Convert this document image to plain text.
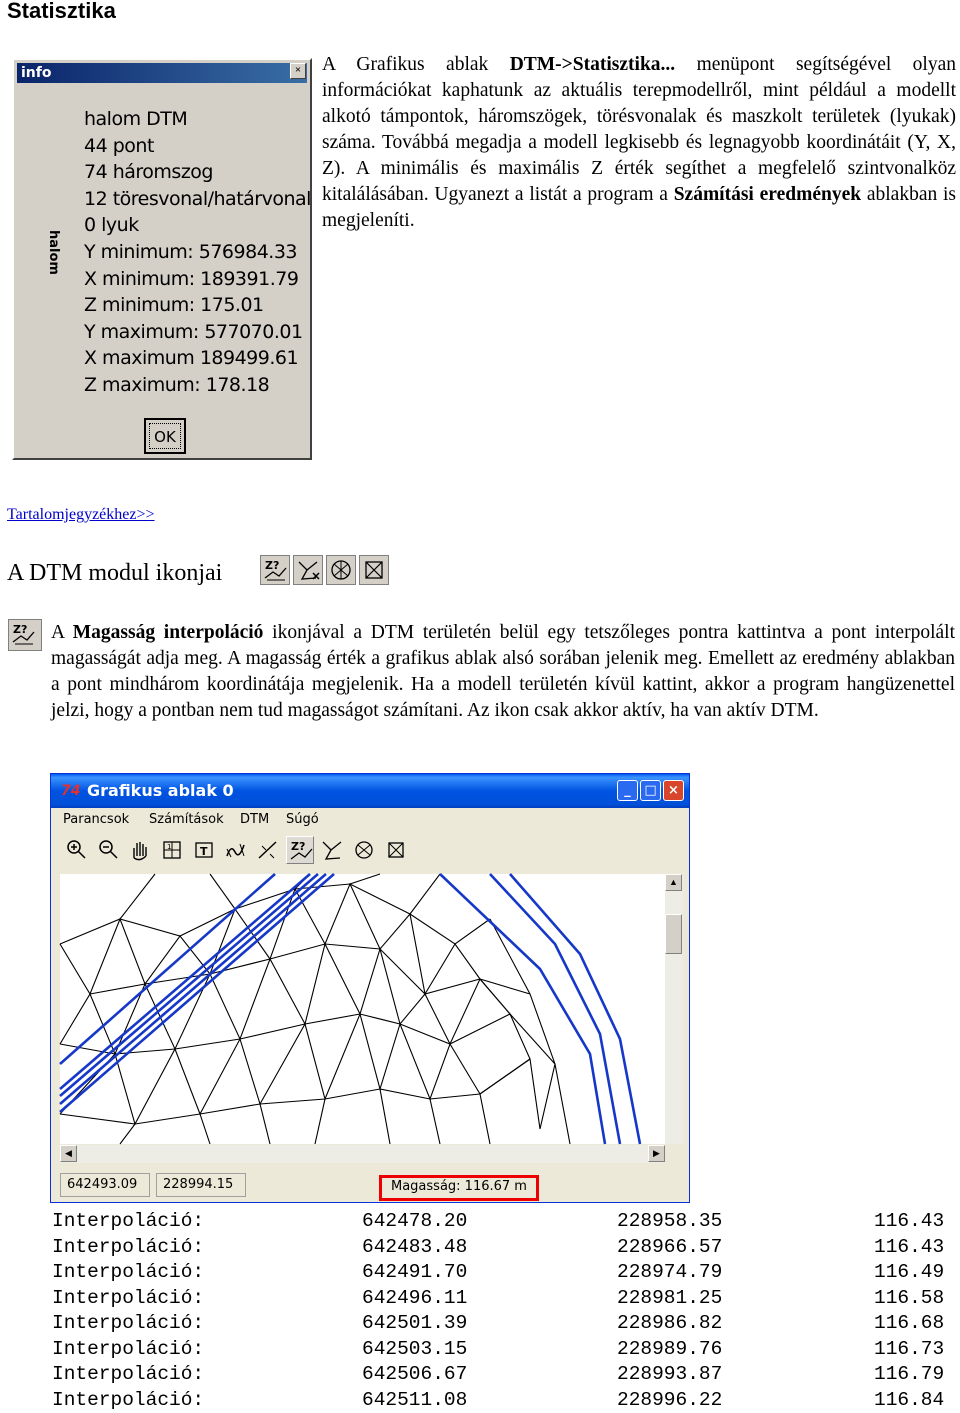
Statisztika
info	×
halom
halom DTM
44 pont
74 háromszog
12 töresvonal/határvonal
0 lyuk
Y minimum: 576984.33
X minimum: 189391.79
Z minimum: 175.01
Y maximum: 577070.01
X maximum 189499.61
Z maximum: 178.18
OK
A Grafikus ablak DTM->Statisztika... menüpont segítségével olyan információkat kaphatunk az aktuális terepmodellről, mint például a modellt alkotó támpontok, háromszögek, törésvonalak és maszkolt területek (lyukak) száma. Továbbá megadja a modell legkisebb és legnagyobb koordinátáit (Y, X, Z). A minimális és maximális Z érték segíthet a megfelelő szintvonalköz kitalálásában. Ugyanezt a listát a program a Számítási eredmények ablakban is megjeleníti.
Tartalomjegyzékhez>>
A DTM modul ikonjai	Z?
Z? A Magasság interpoláció ikonjával a DTM területén belül egy tetszőleges pontra kattintva a pont interpolált magasságát adja meg. A magasság érték a grafikus ablak alsó sorában jelenik meg. Emellett az eredmény ablakban a pont mindhárom koordinátája megjelenik. Ha a modell területén kívül kattint, akkor a program hangüzenettel jelzi, hogy a pontban nem tud magasságot számítani. Az ikon csak akkor aktív, ha van aktív DTM.
74 Grafikus ablak 0	_	□ ×
Parancsok Számítások DTM Súgó
1	T	Z?
▲
◀	▶
642493.09	228994.15	Magasság: 116.67 m
Interpoláció:	642478.20	228958.35	116.43
Interpoláció:	642483.48	228966.57	116.43
Interpoláció:	642491.70	228974.79	116.49
Interpoláció:	642496.11	228981.25	116.58
Interpoláció:	642501.39	228986.82	116.68
Interpoláció:	642503.15	228989.76	116.73
Interpoláció:	642506.67	228993.87	116.79
Interpoláció:	642511.08	228996.22	116.84
